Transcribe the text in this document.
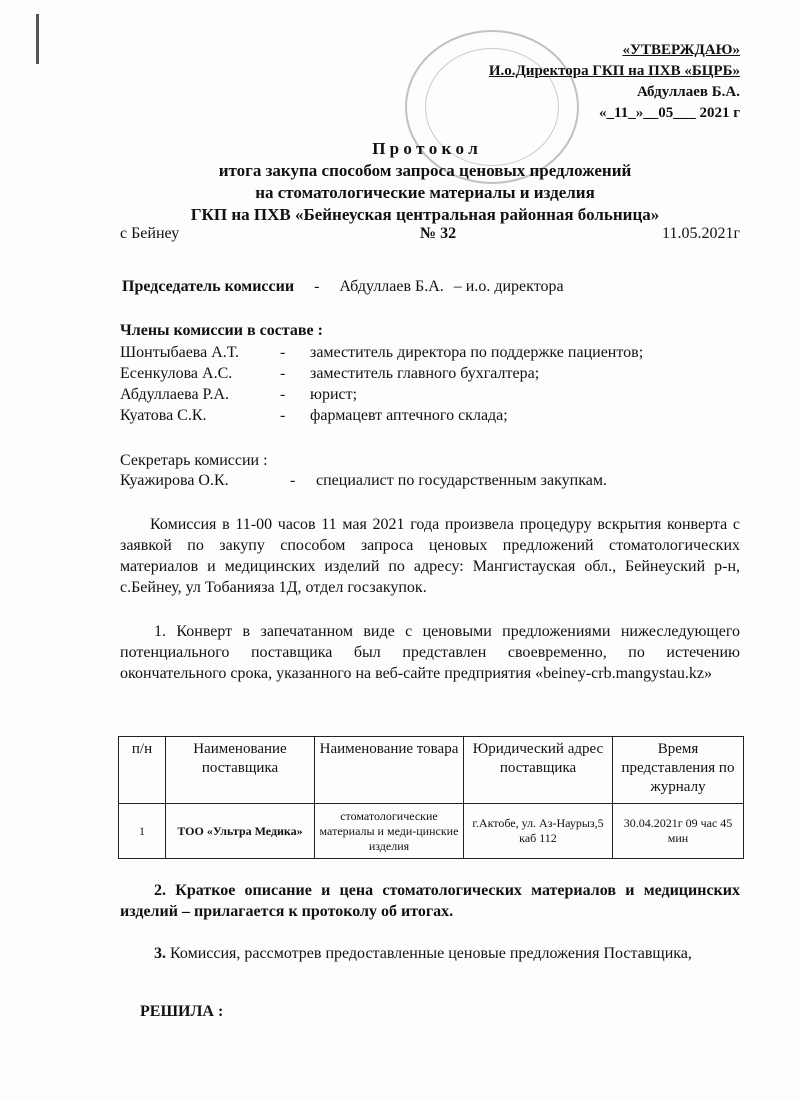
«УТВЕРЖДАЮ»
И.о.Директора ГКП на ПХВ «БЦРБ»
Абдуллаев Б.А.
«_11_»__05___ 2021 г
П р о т о к о л
итога закупа способом запроса ценовых предложений
на стоматологические материалы и изделия
ГКП на ПХВ «Бейнеуская центральная районная больница»
с Бейнеу	№ 32	11.05.2021г
Председатель комиссии - Абдуллаев Б.А. – и.о. директора
Члены комиссии в составе :
Шонтыбаева А.Т.	-	заместитель директора по поддержке пациентов;
Есенкулова А.С.	-	заместитель главного бухгалтера;
Абдуллаева Р.А.	-	юрист;
Куатова С.К.	-	фармацевт аптечного склада;
Секретарь комиссии :
Куажирова О.К.	-	специалист по государственным закупкам.
Комиссия в 11-00 часов 11 мая 2021 года произвела процедуру вскрытия конверта с заявкой по закупу способом запроса ценовых предложений стоматологических материалов и медицинских изделий по адресу: Мангистауская обл., Бейнеуский р-н, с.Бейнеу, ул Тобанияза 1Д, отдел госзакупок.
1. Конверт в запечатанном виде с ценовыми предложениями нижеследующего потенциального поставщика был представлен своевременно, по истечению окончательного срока, указанного на веб-сайте предприятия «beiney-crb.mangystau.kz»
п/н	Наименование поставщика	Наименование товара	Юридический адрес поставщика	Время представления по журналу
1	ТОО «Ультра Медика»	стоматологические материалы и меди-цинские изделия	г.Актобе, ул. Аз-Наурыз,5 каб 112	30.04.2021г 09 час 45 мин
2. Краткое описание и цена стоматологических материалов и медицинских изделий – прилагается к протоколу об итогах.
3. Комиссия, рассмотрев предоставленные ценовые предложения Поставщика,
РЕШИЛА :
